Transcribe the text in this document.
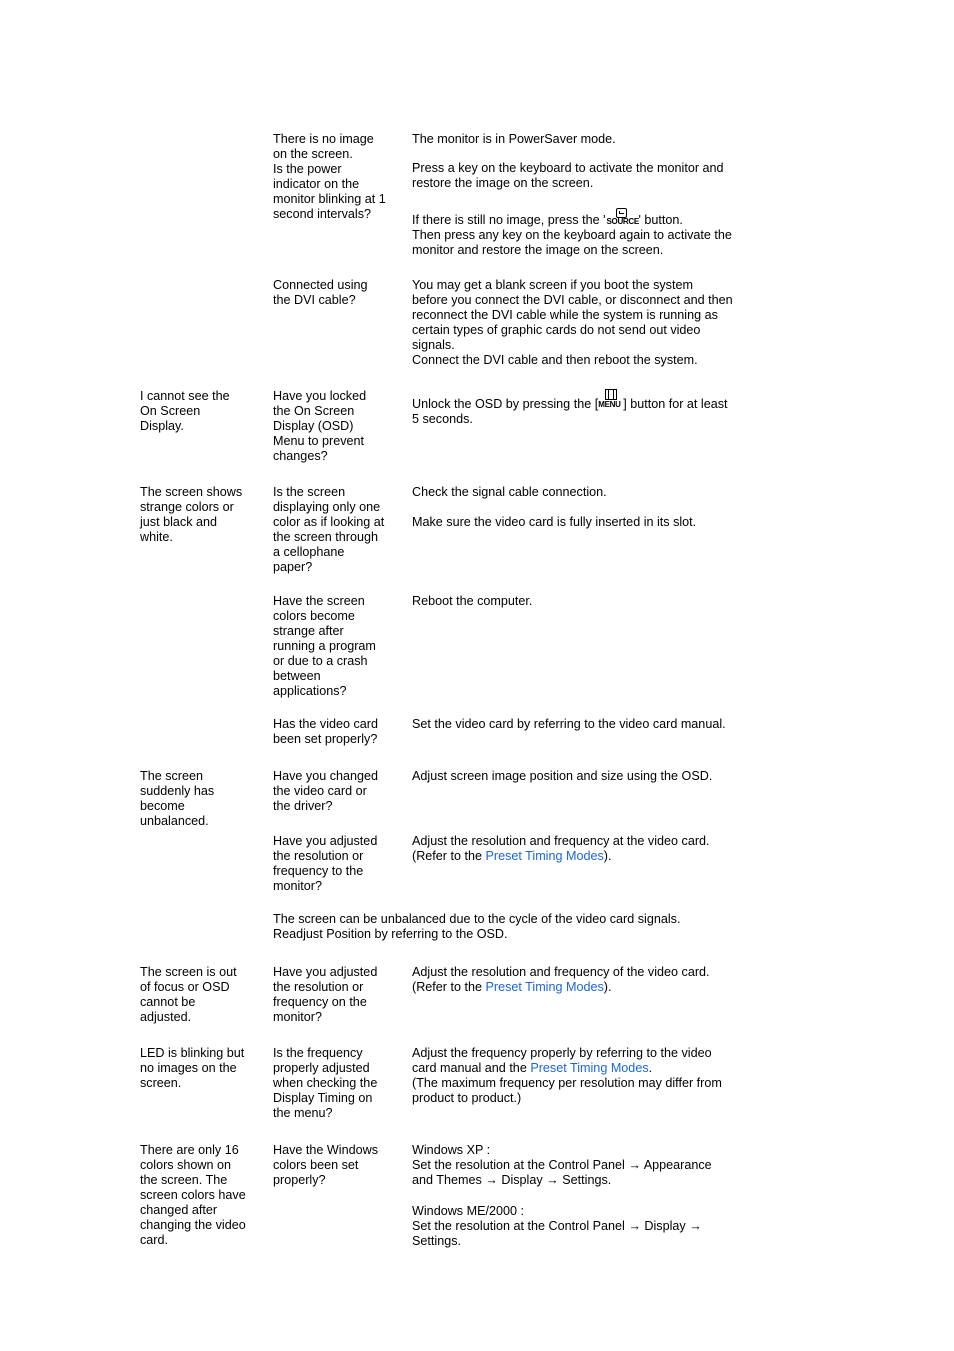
There is no image
on the screen.
Is the power
indicator on the
monitor blinking at 1
second intervals?
The monitor is in PowerSaver mode.
Press a key on the keyboard to activate the monitor and
restore the image on the screen.
If there is still no image, press the ' SOURCE ' button.
Then press any key on the keyboard again to activate the
monitor and restore the image on the screen.
Connected using
the DVI cable?
You may get a blank screen if you boot the system
before you connect the DVI cable, or disconnect and then
reconnect the DVI cable while the system is running as
certain types of graphic cards do not send out video
signals.
Connect the DVI cable and then reboot the system.
I cannot see the
On Screen
Display.
Have you locked
the On Screen
Display (OSD)
Menu to prevent
changes?
Unlock the OSD by pressing the [ MENU ] button for at least
5 seconds.
The screen shows
strange colors or
just black and
white.
Is the screen
displaying only one
color as if looking at
the screen through
a cellophane
paper?
Check the signal cable connection.
Make sure the video card is fully inserted in its slot.
Have the screen
colors become
strange after
running a program
or due to a crash
between
applications?
Reboot the computer.
Has the video card
been set properly?
Set the video card by referring to the video card manual.
The screen
suddenly has
become
unbalanced.
Have you changed
the video card or
the driver?
Adjust screen image position and size using the OSD.
Have you adjusted
the resolution or
frequency to the
monitor?
Adjust the resolution and frequency at the video card.
(Refer to the Preset Timing Modes).
The screen can be unbalanced due to the cycle of the video card signals.
Readjust Position by referring to the OSD.
The screen is out
of focus or OSD
cannot be
adjusted.
Have you adjusted
the resolution or
frequency on the
monitor?
Adjust the resolution and frequency of the video card.
(Refer to the Preset Timing Modes).
LED is blinking but
no images on the
screen.
Is the frequency
properly adjusted
when checking the
Display Timing on
the menu?
Adjust the frequency properly by referring to the video
card manual and the Preset Timing Modes.
(The maximum frequency per resolution may differ from
product to product.)
There are only 16
colors shown on
the screen. The
screen colors have
changed after
changing the video
card.
Have the Windows
colors been set
properly?
Windows XP :
Set the resolution at the Control Panel → Appearance
and Themes → Display → Settings.
Windows ME/2000 :
Set the resolution at the Control Panel → Display →
Settings.
